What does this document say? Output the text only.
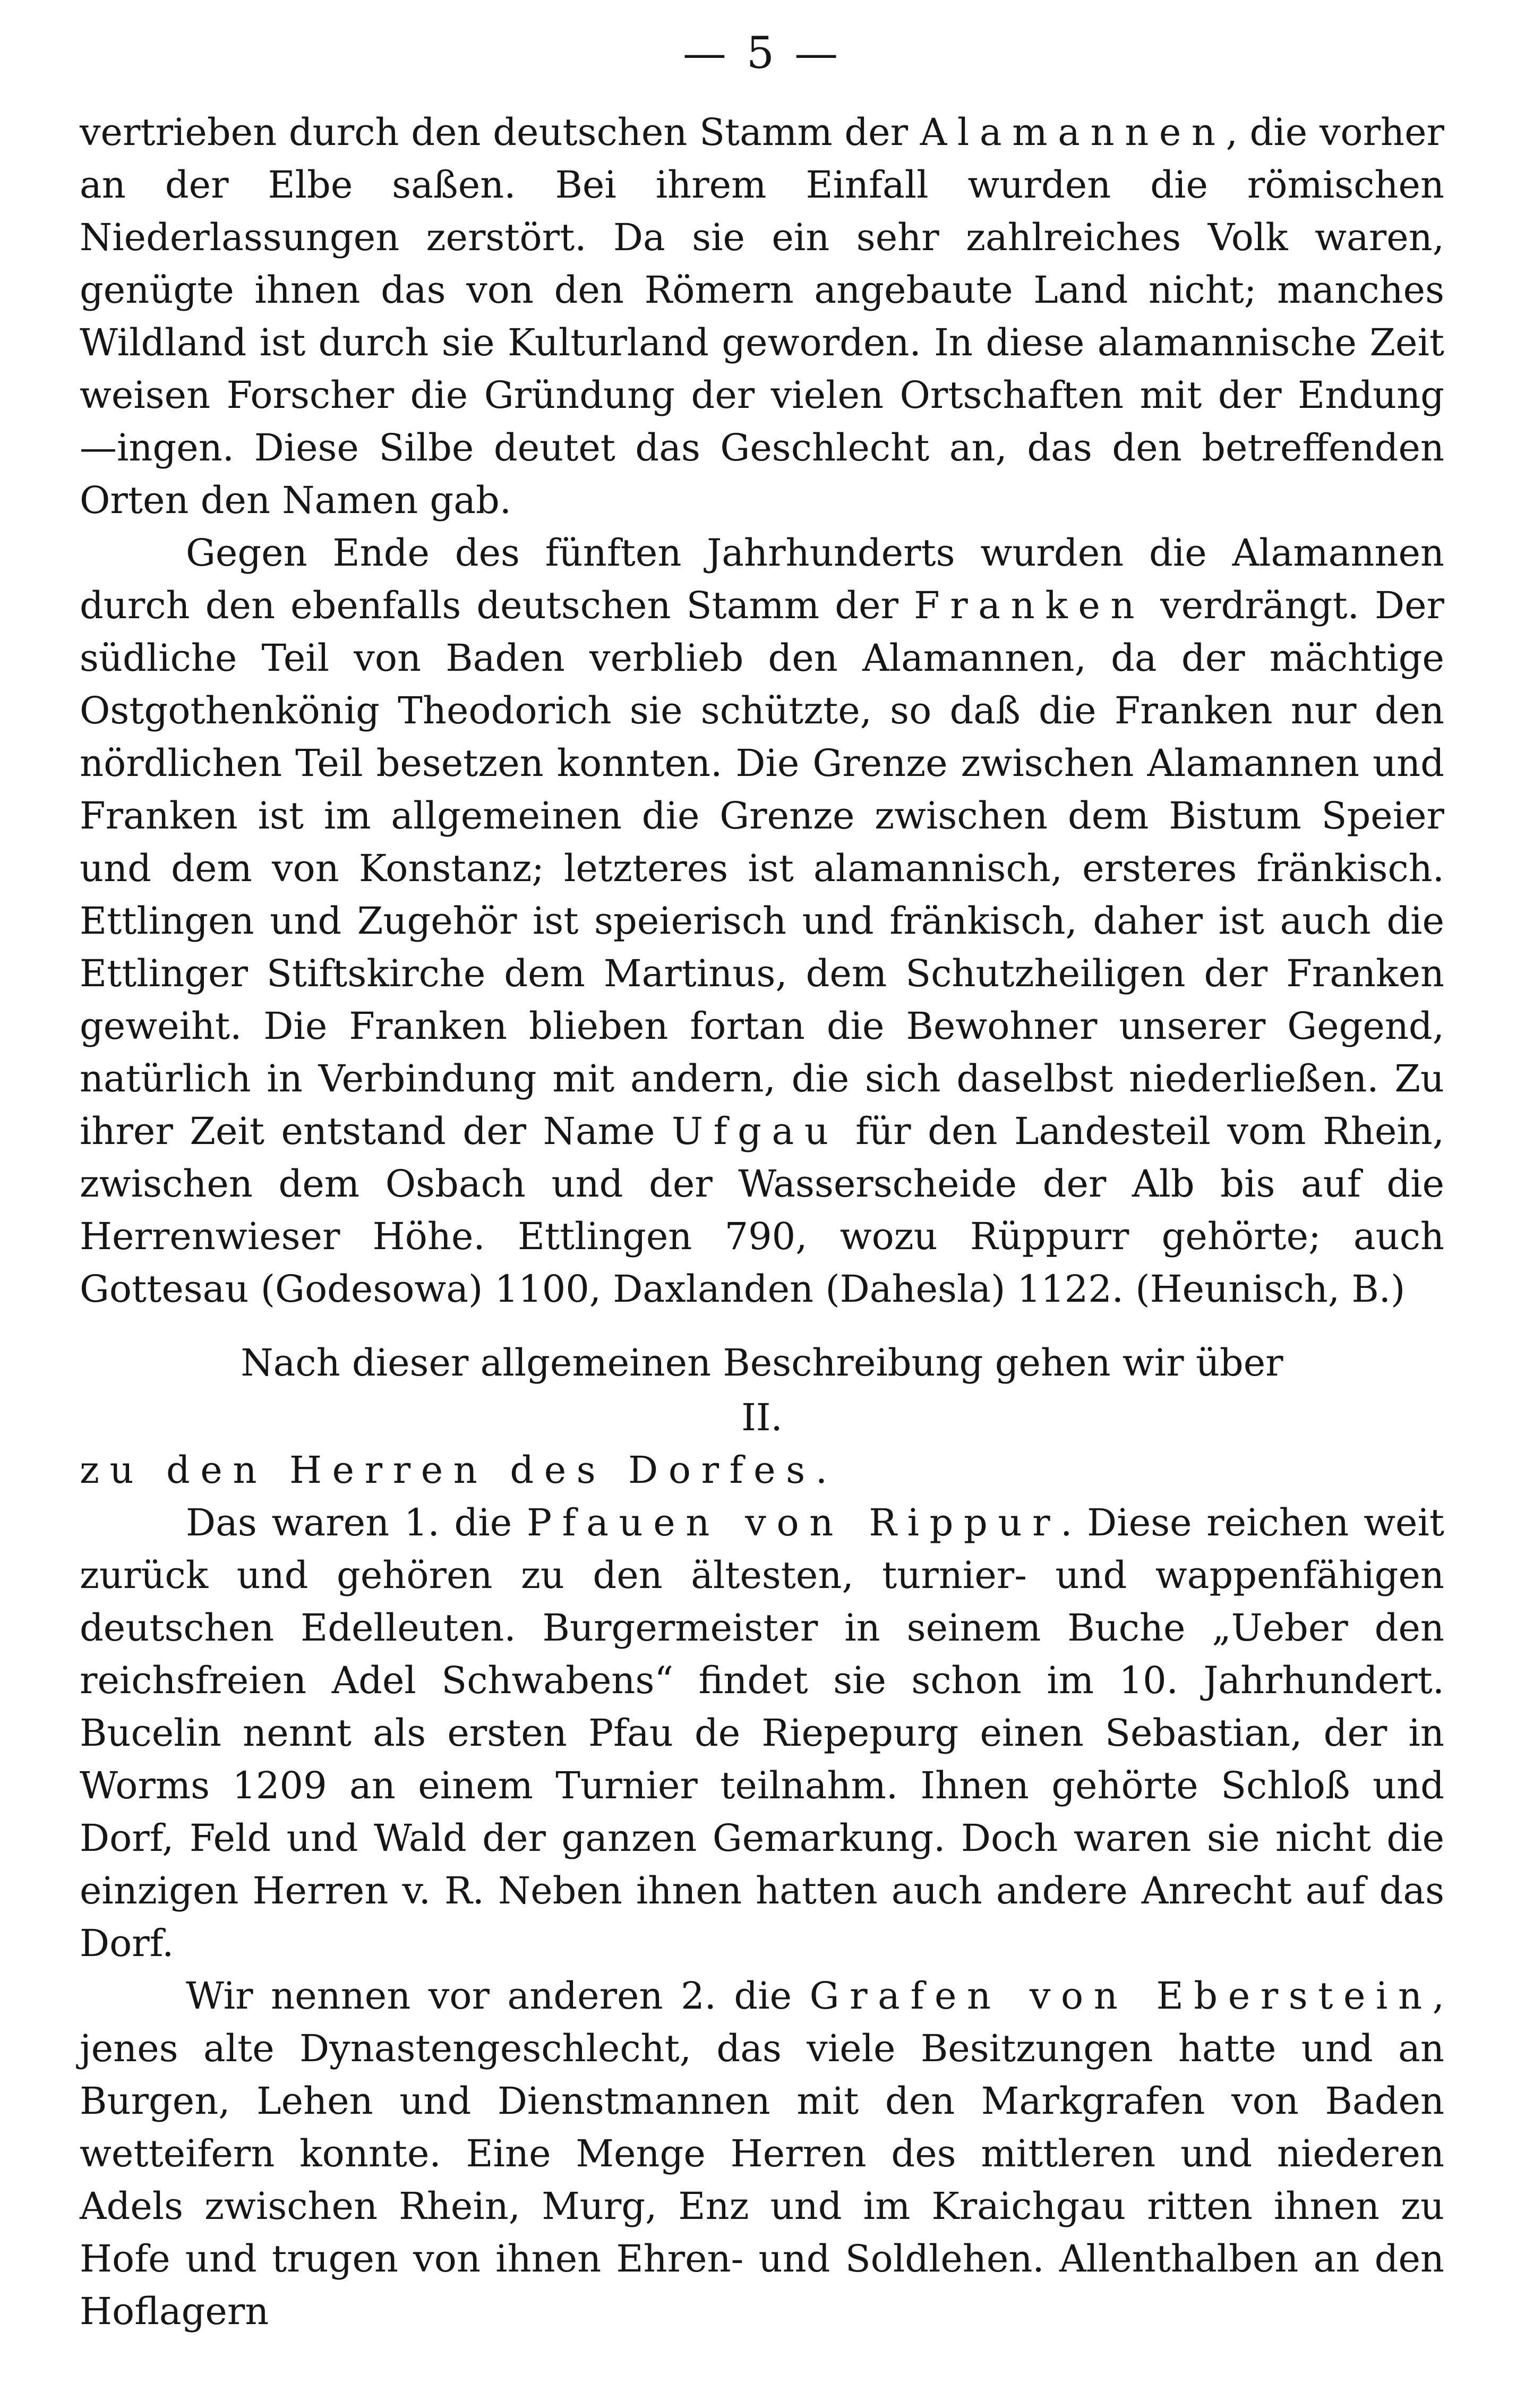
— 5 —

vertrieben durch den deutschen Stamm der Alamannen, die vorher an der Elbe saßen. Bei ihrem Einfall wurden die römischen Niederlassungen zerstört. Da sie ein sehr zahlreiches Volk waren, genügte ihnen das von den Römern angebaute Land nicht; manches Wildland ist durch sie Kulturland geworden. In diese alamannische Zeit weisen Forscher die Gründung der vielen Ortschaften mit der Endung —ingen. Diese Silbe deutet das Geschlecht an, das den betreffenden Orten den Namen gab.

Gegen Ende des fünften Jahrhunderts wurden die Alamannen durch den ebenfalls deutschen Stamm der Franken verdrängt. Der südliche Teil von Baden verblieb den Alamannen, da der mächtige Ostgothenkönig Theodorich sie schützte, so daß die Franken nur den nördlichen Teil besetzen konnten. Die Grenze zwischen Alamannen und Franken ist im allgemeinen die Grenze zwischen dem Bistum Speier und dem von Konstanz; letzteres ist alamannisch, ersteres fränkisch. Ettlingen und Zugehör ist speierisch und fränkisch, daher ist auch die Ettlinger Stiftskirche dem Martinus, dem Schutzheiligen der Franken geweiht. Die Franken blieben fortan die Bewohner unserer Gegend, natürlich in Verbindung mit andern, die sich daselbst niederließen. Zu ihrer Zeit entstand der Name Ufgau für den Landesteil vom Rhein, zwischen dem Osbach und der Wasserscheide der Alb bis auf die Herrenwieser Höhe. Ettlingen 790, wozu Rüppurr gehörte; auch Gottesau (Godesowa) 1100, Daxlanden (Dahesla) 1122. (Heunisch, B.)

Nach dieser allgemeinen Beschreibung gehen wir über

II.

zu den Herren des Dorfes.

Das waren 1. die Pfauen von Rippur. Diese reichen weit zurück und gehören zu den ältesten, turnier- und wappenfähigen deutschen Edelleuten. Burgermeister in seinem Buche „Ueber den reichsfreien Adel Schwabens“ findet sie schon im 10. Jahrhundert. Bucelin nennt als ersten Pfau de Riepepurg einen Sebastian, der in Worms 1209 an einem Turnier teilnahm. Ihnen gehörte Schloß und Dorf, Feld und Wald der ganzen Gemarkung. Doch waren sie nicht die einzigen Herren v. R. Neben ihnen hatten auch andere Anrecht auf das Dorf.

Wir nennen vor anderen 2. die Grafen von Eberstein, jenes alte Dynastengeschlecht, das viele Besitzungen hatte und an Burgen, Lehen und Dienstmannen mit den Markgrafen von Baden wetteifern konnte. Eine Menge Herren des mittleren und niederen Adels zwischen Rhein, Murg, Enz und im Kraichgau ritten ihnen zu Hofe und trugen von ihnen Ehren- und Soldlehen. Allenthalben an den Hoflagern
